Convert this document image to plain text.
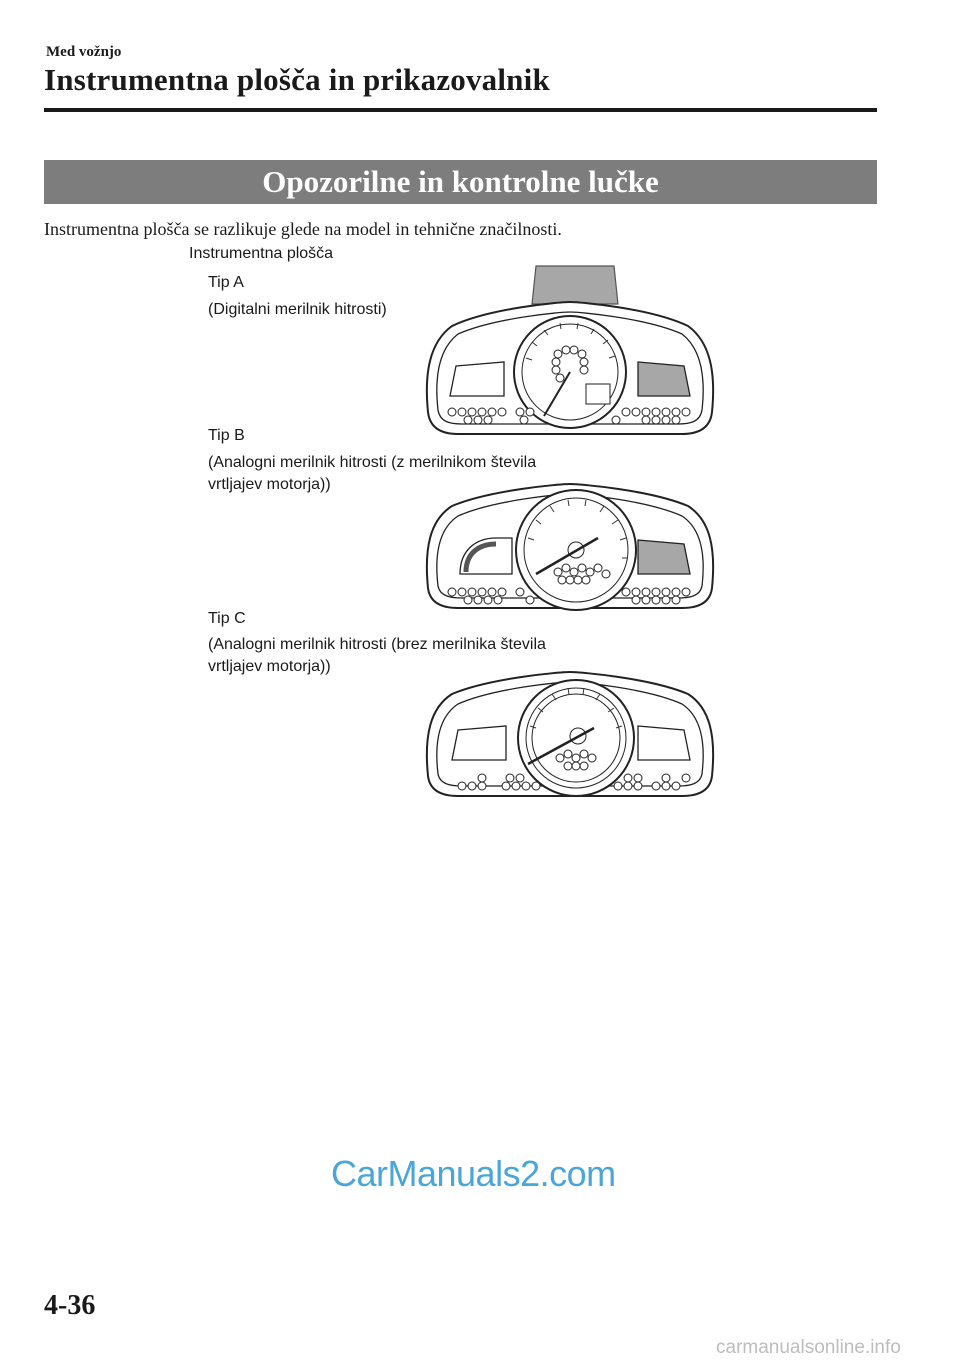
Med vožnjo
Instrumentna plošča in prikazovalnik
Opozorilne in kontrolne lučke
Instrumentna plošča se razlikuje glede na model in tehnične značilnosti.
Instrumentna plošča
Tip A
(Digitalni merilnik hitrosti)
Tip B
(Analogni merilnik hitrosti (z merilnikom števila
vrtljajev motorja))
Tip C
(Analogni merilnik hitrosti (brez merilnika števila
vrtljajev motorja))
CarManuals2.com
4-36
carmanualsonline.info
